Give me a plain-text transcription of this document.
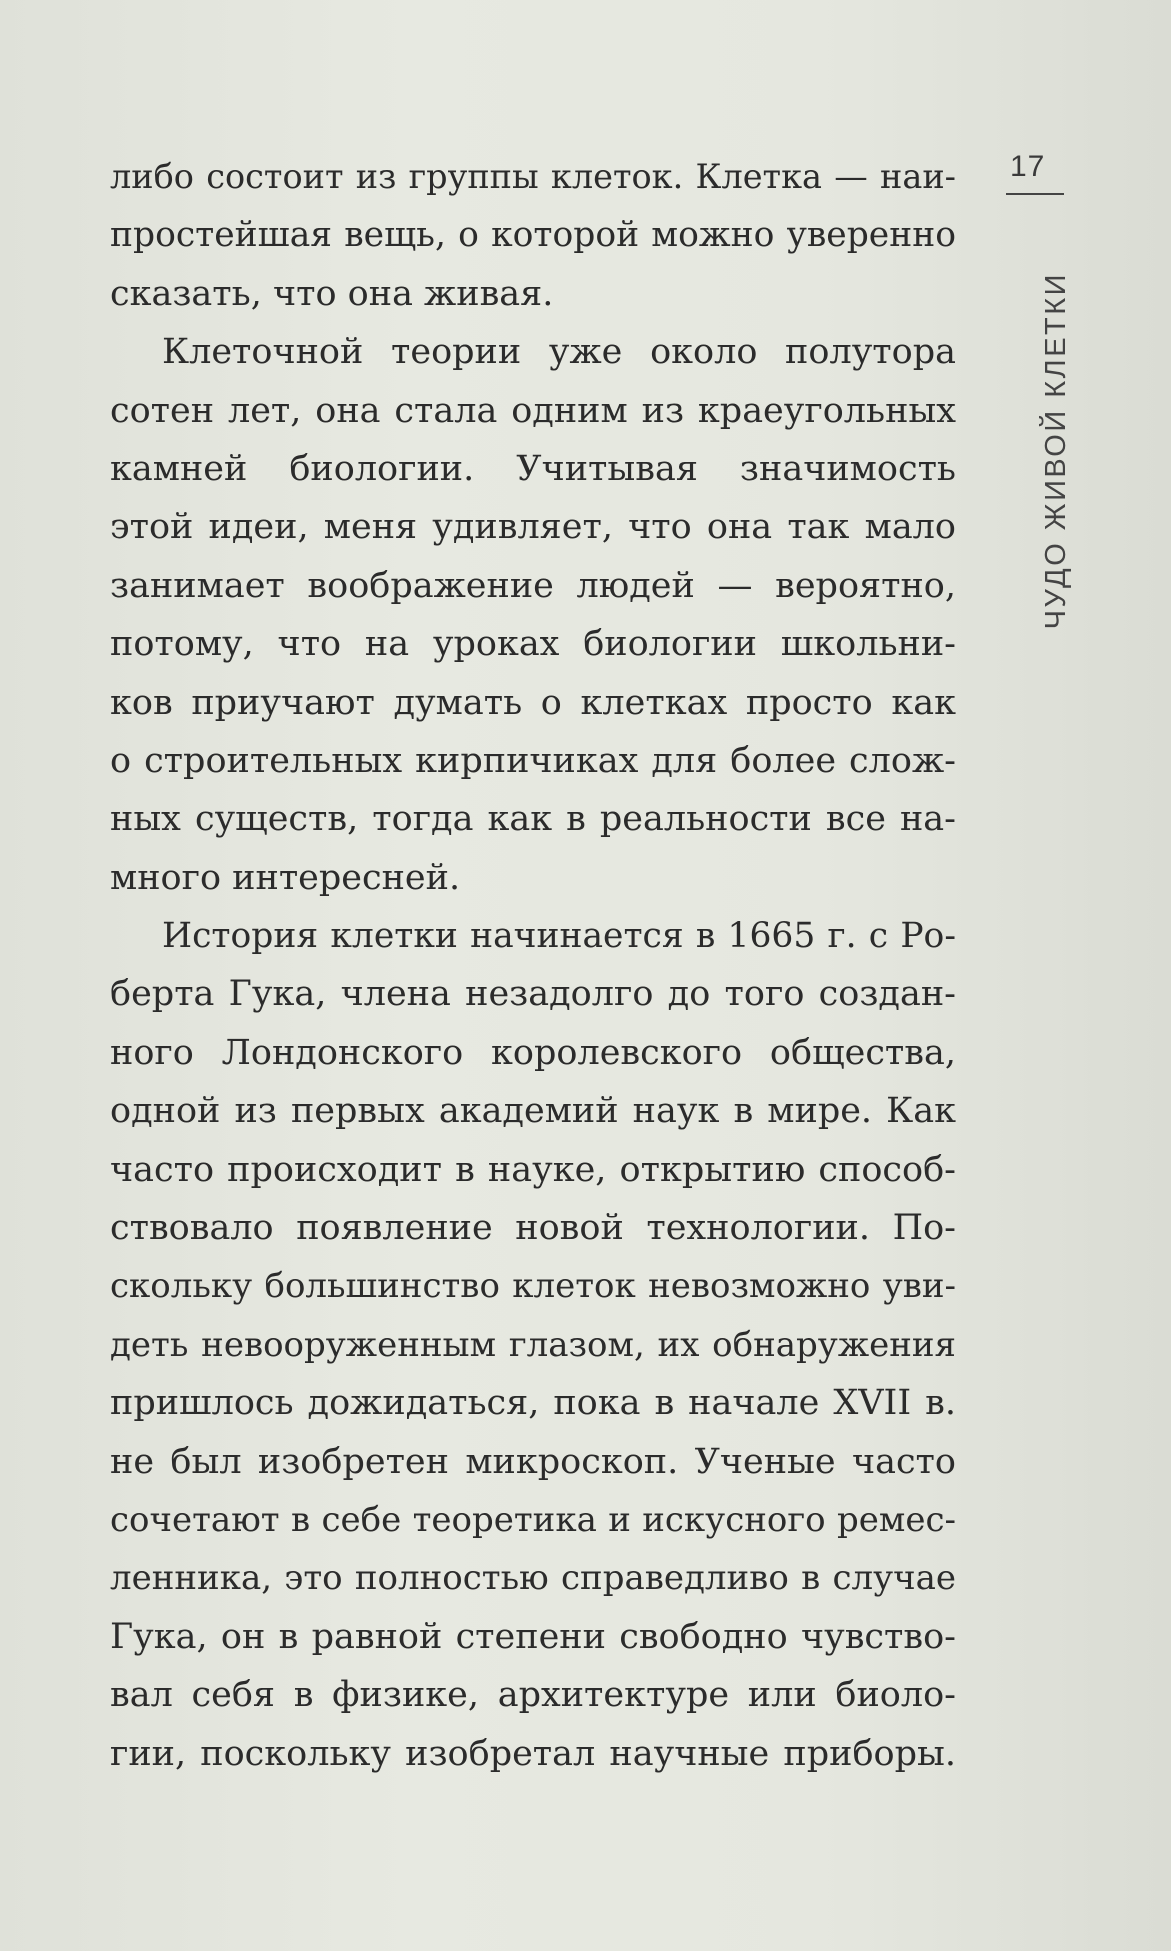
17
ЧУДО ЖИВОЙ КЛЕТКИ
либо состоит из группы клеток. Клетка — наи-
простейшая вещь, о которой можно уверенно
сказать, что она живая.
Клеточной теории уже около полутора
сотен лет, она стала одним из краеугольных
камней биологии. Учитывая значимость
этой идеи, меня удивляет, что она так мало
занимает воображение людей — вероятно,
потому, что на уроках биологии школьни-
ков приучают думать о клетках просто как
о строительных кирпичиках для более слож-
ных существ, тогда как в реальности все на-
много интересней.
История клетки начинается в 1665 г. с Ро-
берта Гука, члена незадолго до того создан-
ного Лондонского королевского общества,
одной из первых академий наук в мире. Как
часто происходит в науке, открытию способ-
ствовало появление новой технологии. По-
скольку большинство клеток невозможно уви-
деть невооруженным глазом, их обнаружения
пришлось дожидаться, пока в начале XVII в.
не был изобретен микроскоп. Ученые часто
сочетают в себе теоретика и искусного ремес-
ленника, это полностью справедливо в случае
Гука, он в равной степени свободно чувство-
вал себя в физике, архитектуре или биоло-
гии, поскольку изобретал научные приборы.
